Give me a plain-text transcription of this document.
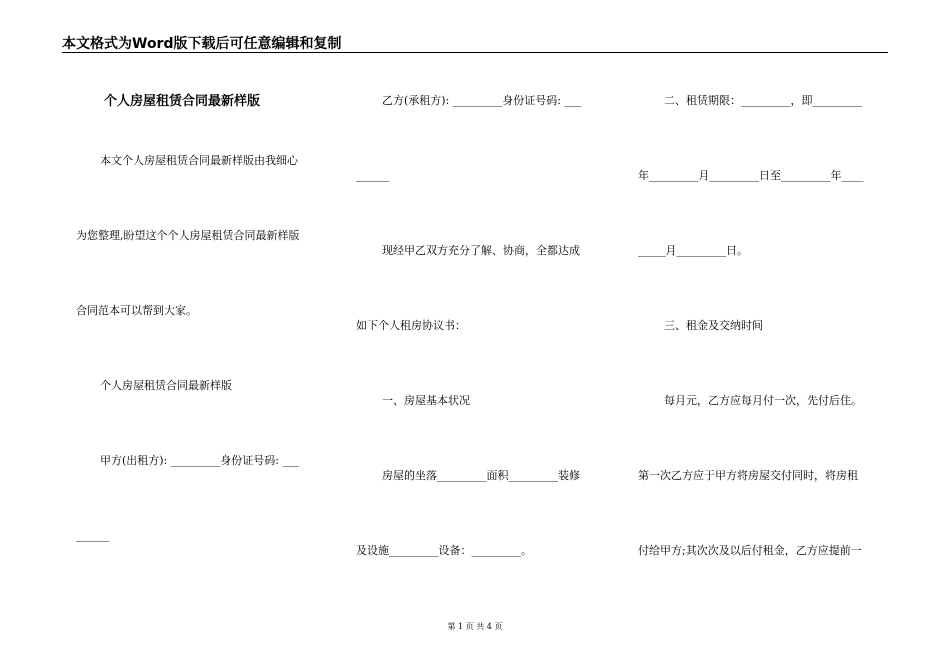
本文格式为Word版下载后可任意编辑和复制
个人房屋租赁合同最新样版
本文个人房屋租赁合同最新样版由我细心
为您整理,盼望这个个人房屋租赁合同最新样版
合同范本可以帮到大家。
个人房屋租赁合同最新样版
甲方(出租方): _________身份证号码: ___
______
乙方(承租方): _________身份证号码: ___
______
现经甲乙双方充分了解、协商，全都达成
如下个人租房协议书：
一、房屋基本状况
房屋的坐落_________面积_________装修
及设施_________设备：_________。
二、租赁期限：_________，即_________
年_________月_________日至_________年____
_____月_________日。
三、租金及交纳时间
每月元，乙方应每月付一次，先付后住。
第一次乙方应于甲方将房屋交付同时，将房租
付给甲方;其次次及以后付租金，乙方应提前一
第 1 页 共 4 页
